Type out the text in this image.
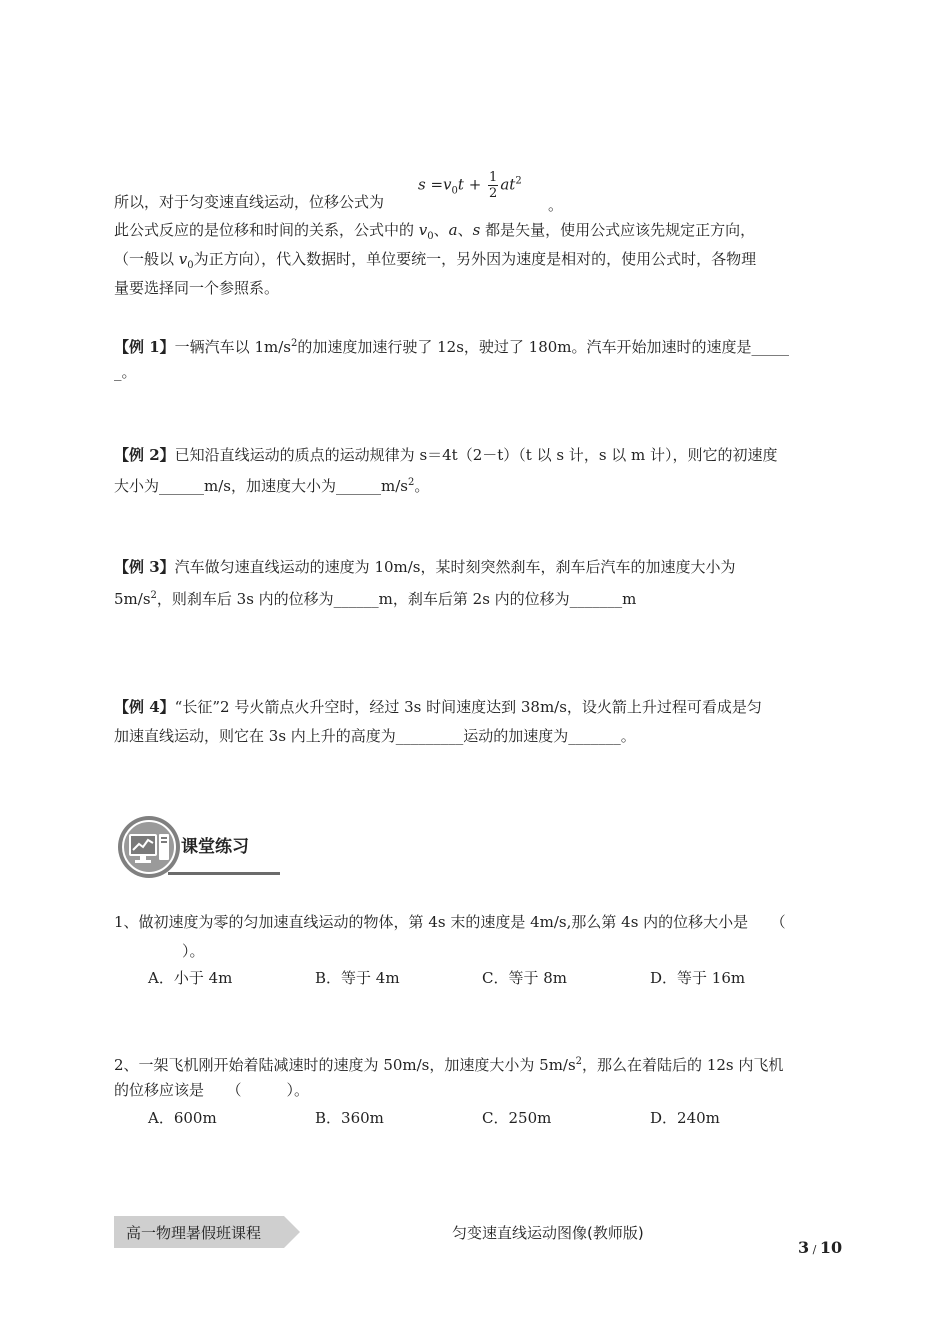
所以，对于匀变速直线运动，位移公式为
$s =v_0t + \frac{1}{2} at^2$
。
此公式反应的是位移和时间的关系，公式中的 $v_0$、a、s 都是矢量，使用公式应该先规定正方向，
（一般以 $v_0$为正方向），代入数据时，单位要统一，另外因为速度是相对的，使用公式时，各物理
量要选择同一个参照系。
【例 1】一辆汽车以 $1m/s^2$的加速度加速行驶了 12s，驶过了 180m。汽车开始加速时的速度是_____
_。
【例 2】已知沿直线运动的质点的运动规律为 s＝4t（2－t）（t 以 s 计，s 以 m 计），则它的初速度
大小为______m/s，加速度大小为$\_\_\_\_\_\_m/s^2$。
【例 3】汽车做匀速直线运动的速度为 10m/s，某时刻突然刹车，刹车后汽车的加速度大小为
$5m/s^2$，则刹车后 3s 内的位移为______m，刹车后第 2s 内的位移为_______m
【例 4】“长征”2 号火箭点火升空时，经过 3s 时间速度达到 38m/s，设火箭上升过程可看成是匀
加速直线运动，则它在 3s 内上升的高度为_________运动的加速度为_______。
课堂练习
1、做初速度为零的匀加速直线运动的物体，第 4s 末的速度是 4m/s,那么第 4s 内的位移大小是　　（
）。
A．小于 4m	B．等于 4m	C．等于 8m	D．等于 16m
2、一架飞机刚开始着陆减速时的速度为 50m/s，加速度大小为 $5m/s^2$，那么在着陆后的 12s 内飞机
的位移应该是　　（　　　）。
A．600m	B．360m	C．250m	D．240m
高一物理暑假班课程	匀变速直线运动图像(教师版)
3 / 10
